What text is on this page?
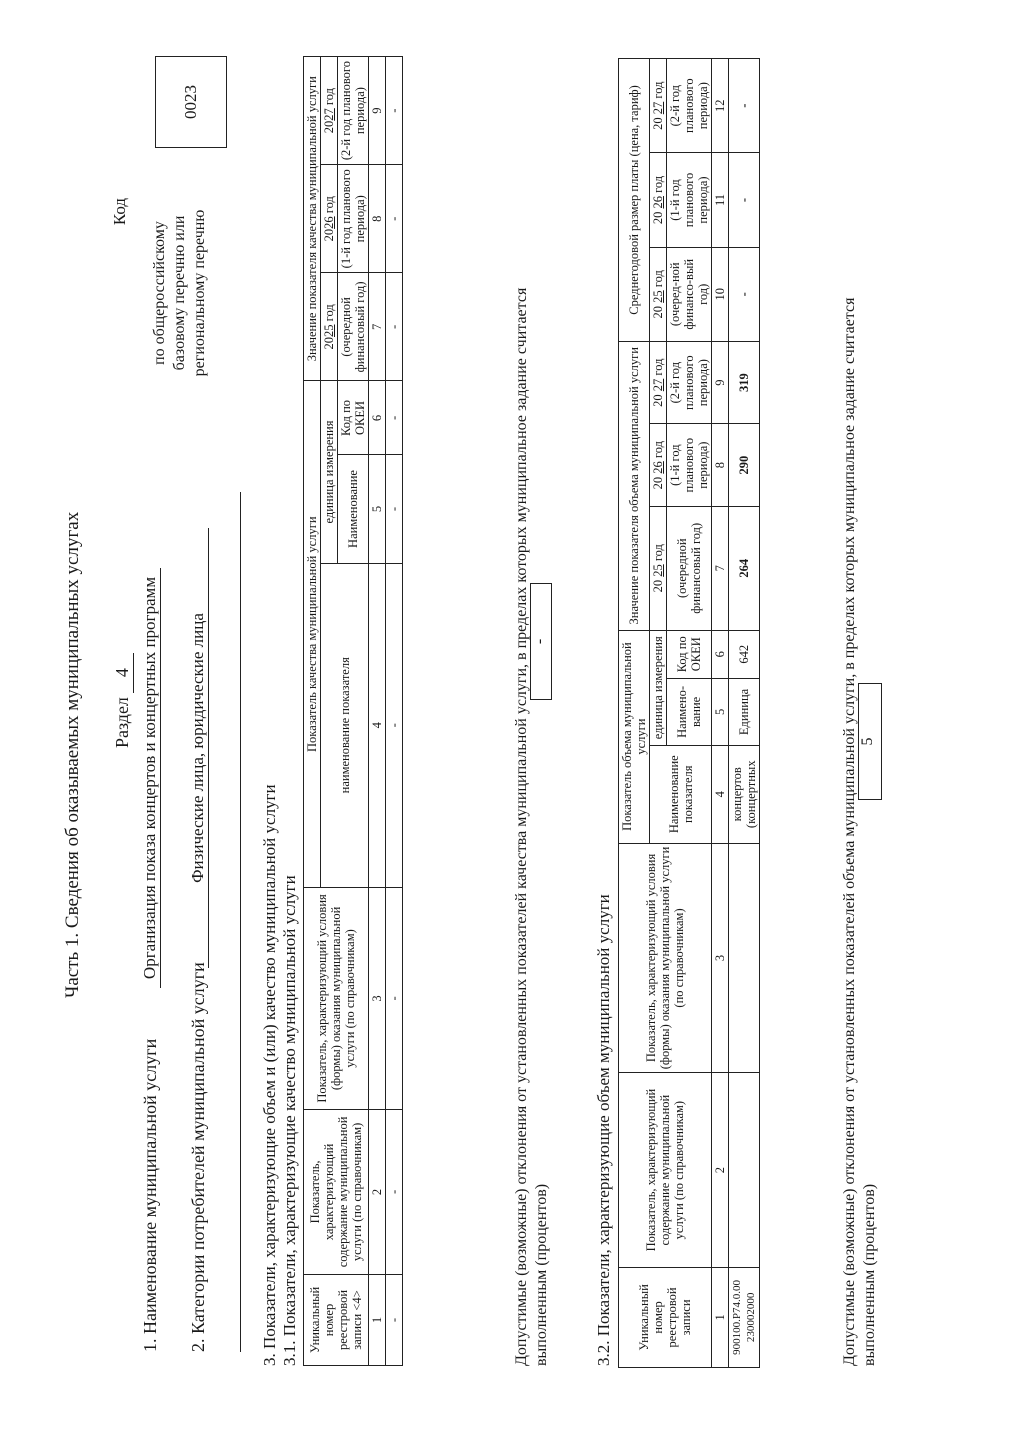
Часть 1. Сведения об оказываемых муниципальных услугах Раздел 4
1. Наименование муниципальной услуги
Организация показа концертов и концертных программ
2. Категории потребителей муниципальной услуги
Физические лица, юридические лица
Код
по общероссийскому базовому перечню или региональному перечню
0023
3. Показатели, характеризующие объем и (или) качество муниципальной услуги 3.1. Показатели, характеризующие качество муниципальной услуги Уникальный номер реестровой записи <4>	Показатель, характеризующий содержание муниципальной услуги (по справочникам)	Показатель, характеризующий условия (формы) оказания муниципальной услуги (по справочникам)	Показатель качества муниципальной услуги			Значение показателя качества муниципальной услуги		
			наименование показателя	единица измерения		2025 год	2026 год	2027 год
				Наименование	Код по ОКЕИ	(очередной финансовый год)	(1-й год планового периода)	(2-й год планового периода)
1	2	3	4	5	6	7	8	9
-	-	-	-	-	-	-	-	-
Допустимые (возможные) отклонения от установленных показателей качества муниципальной услуги, в пределах которых муниципальное задание считается выполненным (процентов)
-
3.2. Показатели, характеризующие объем муниципальной услуги Уникальный номер реестровой записи	Показатель, характеризующий содержание муниципальной услуги (по справочникам)	Показатель, характеризующий условия (формы) оказания муниципальной услуги (по справочникам)	Показатель объема муниципальной услуги			Значение показателя объема муниципальной услуги			Среднегодовой размер платы (цена, тариф)		
			Наименование показателя	единица измерения		20 25 год	20 26 год	20 27 год	20 25 год	20 26 год	20 27 год
				Наимено-вание	Код по ОКЕИ	(очередной финансовый год)	(1-й год планового периода)	(2-й год планового периода)	(очеред-ной финансо-вый год)	(1-й год планового периода)	(2-й год планового периода)
1	2	3	4	5	6	7	8	9	10	11	12
900100.Р74.0.00 230002000			концертов (концертных	Единица	642	264	290	319	-	-	-
Допустимые (возможные) отклонения от установленных показателей объема муниципальной услуги, в пределах которых муниципальное задание считается выполненным (процентов)
5
